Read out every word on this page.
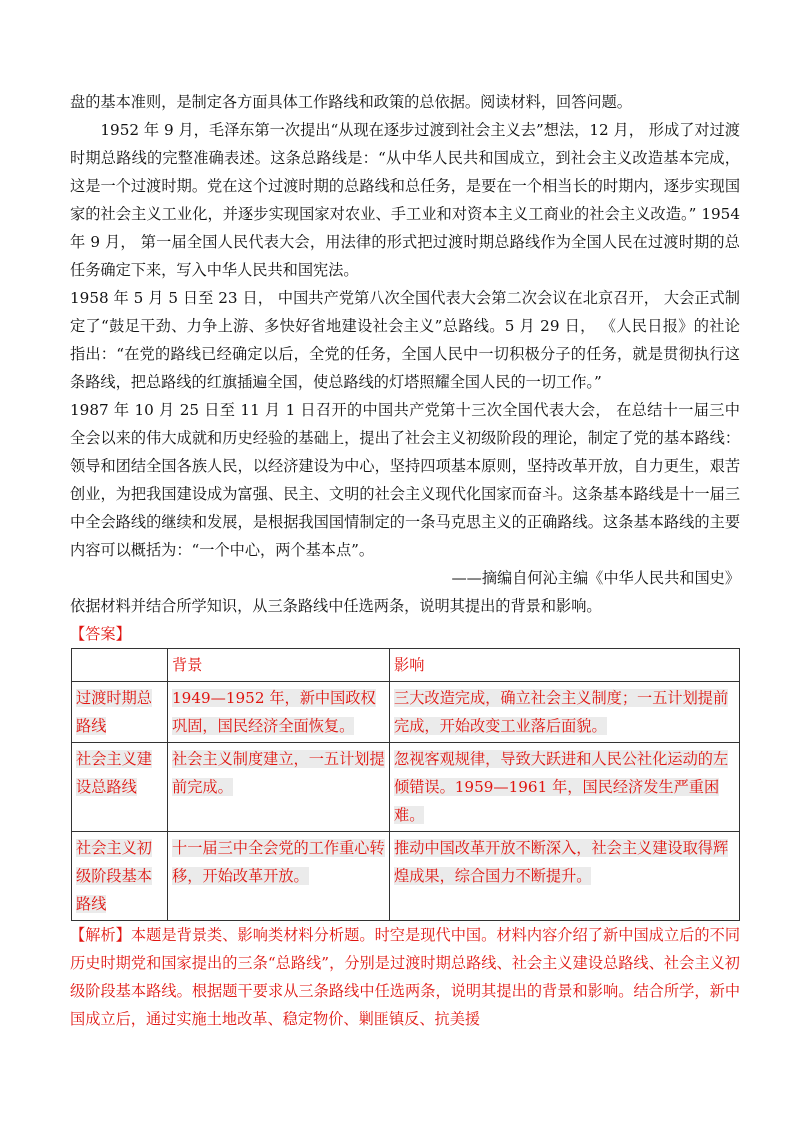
盘的基本准则，是制定各方面具体工作路线和政策的总依据。阅读材料，回答问题。

1952 年 9 月，毛泽东第一次提出“从现在逐步过渡到社会主义去”想法，12 月， 形成了对过渡时期总路线的完整准确表述。这条总路线是：“从中华人民共和国成立，到社会主义改造基本完成，这是一个过渡时期。党在这个过渡时期的总路线和总任务，是要在一个相当长的时期内，逐步实现国家的社会主义工业化，并逐步实现国家对农业、手工业和对资本主义工商业的社会主义改造。” 1954 年 9 月， 第一届全国人民代表大会，用法律的形式把过渡时期总路线作为全国人民在过渡时期的总任务确定下来，写入中华人民共和国宪法。

1958 年 5 月 5 日至 23 日， 中国共产党第八次全国代表大会第二次会议在北京召开， 大会正式制定了“鼓足干劲、力争上游、多快好省地建设社会主义”总路线。5 月 29 日， 《人民日报》的社论指出：“在党的路线已经确定以后，全党的任务，全国人民中一切积极分子的任务，就是贯彻执行这条路线，把总路线的红旗插遍全国，使总路线的灯塔照耀全国人民的一切工作。”

1987 年 10 月 25 日至 11 月 1 日召开的中国共产党第十三次全国代表大会， 在总结十一届三中全会以来的伟大成就和历史经验的基础上，提出了社会主义初级阶段的理论，制定了党的基本路线：领导和团结全国各族人民，以经济建设为中心，坚持四项基本原则，坚持改革开放，自力更生，艰苦创业，为把我国建设成为富强、民主、文明的社会主义现代化国家而奋斗。这条基本路线是十一届三中全会路线的继续和发展，是根据我国国情制定的一条马克思主义的正确路线。这条基本路线的主要内容可以概括为：“一个中心，两个基本点”。

——摘编自何沁主编《中华人民共和国史》

依据材料并结合所学知识，从三条路线中任选两条，说明其提出的背景和影响。

【答案】

	背景	影响
过渡时期总路线	1949—1952 年，新中国政权巩固，国民经济全面恢复。	三大改造完成，确立社会主义制度；一五计划提前完成，开始改变工业落后面貌。
社会主义建设总路线	社会主义制度建立，一五计划提前完成。	忽视客观规律，导致大跃进和人民公社化运动的左倾错误。1959—1961 年，国民经济发生严重困难。
社会主义初级阶段基本路线	十一届三中全会党的工作重心转移，开始改革开放。	推动中国改革开放不断深入，社会主义建设取得辉煌成果，综合国力不断提升。

【解析】本题是背景类、影响类材料分析题。时空是现代中国。材料内容介绍了新中国成立后的不同历史时期党和国家提出的三条“总路线”，分别是过渡时期总路线、社会主义建设总路线、社会主义初级阶段基本路线。根据题干要求从三条路线中任选两条，说明其提出的背景和影响。结合所学，新中国成立后，通过实施土地改革、稳定物价、剿匪镇反、抗美援
